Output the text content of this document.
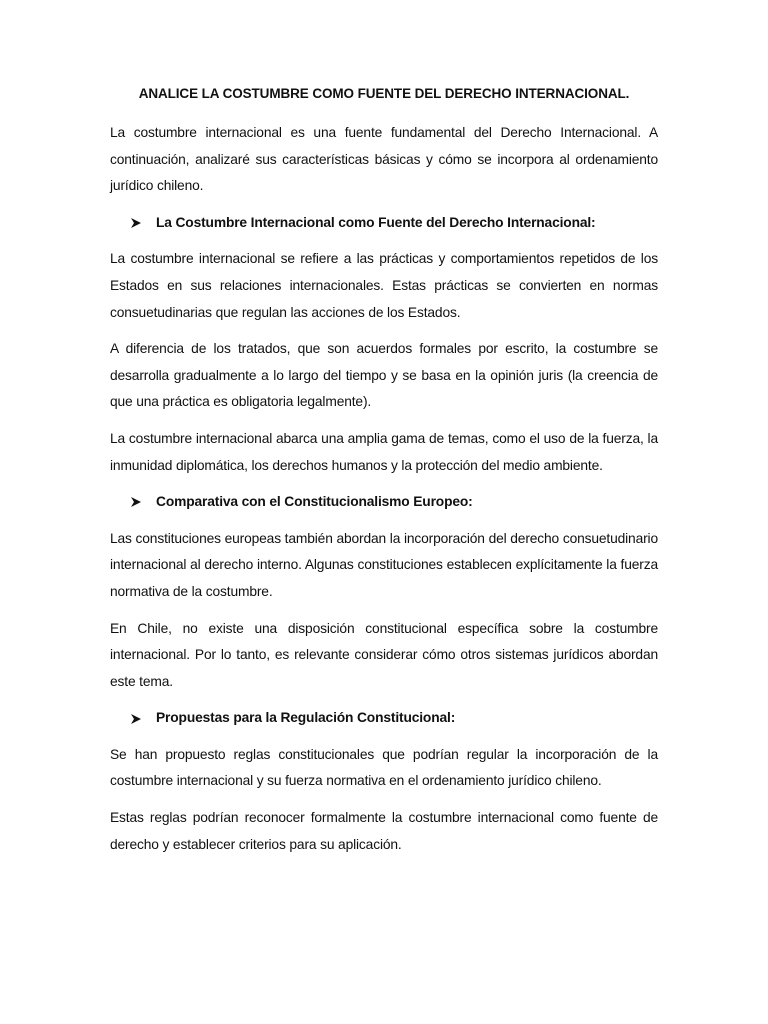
ANALICE LA COSTUMBRE COMO FUENTE DEL DERECHO INTERNACIONAL.

La costumbre internacional es una fuente fundamental del Derecho Internacional. A continuación, analizaré sus características básicas y cómo se incorpora al ordenamiento jurídico chileno.

La Costumbre Internacional como Fuente del Derecho Internacional:

La costumbre internacional se refiere a las prácticas y comportamientos repetidos de los Estados en sus relaciones internacionales. Estas prácticas se convierten en normas consuetudinarias que regulan las acciones de los Estados.

A diferencia de los tratados, que son acuerdos formales por escrito, la costumbre se desarrolla gradualmente a lo largo del tiempo y se basa en la opinión juris (la creencia de que una práctica es obligatoria legalmente).

La costumbre internacional abarca una amplia gama de temas, como el uso de la fuerza, la inmunidad diplomática, los derechos humanos y la protección del medio ambiente.

Comparativa con el Constitucionalismo Europeo:

Las constituciones europeas también abordan la incorporación del derecho consuetudinario internacional al derecho interno. Algunas constituciones establecen explícitamente la fuerza normativa de la costumbre.

En Chile, no existe una disposición constitucional específica sobre la costumbre internacional. Por lo tanto, es relevante considerar cómo otros sistemas jurídicos abordan este tema.

Propuestas para la Regulación Constitucional:

Se han propuesto reglas constitucionales que podrían regular la incorporación de la costumbre internacional y su fuerza normativa en el ordenamiento jurídico chileno.

Estas reglas podrían reconocer formalmente la costumbre internacional como fuente de derecho y establecer criterios para su aplicación.
